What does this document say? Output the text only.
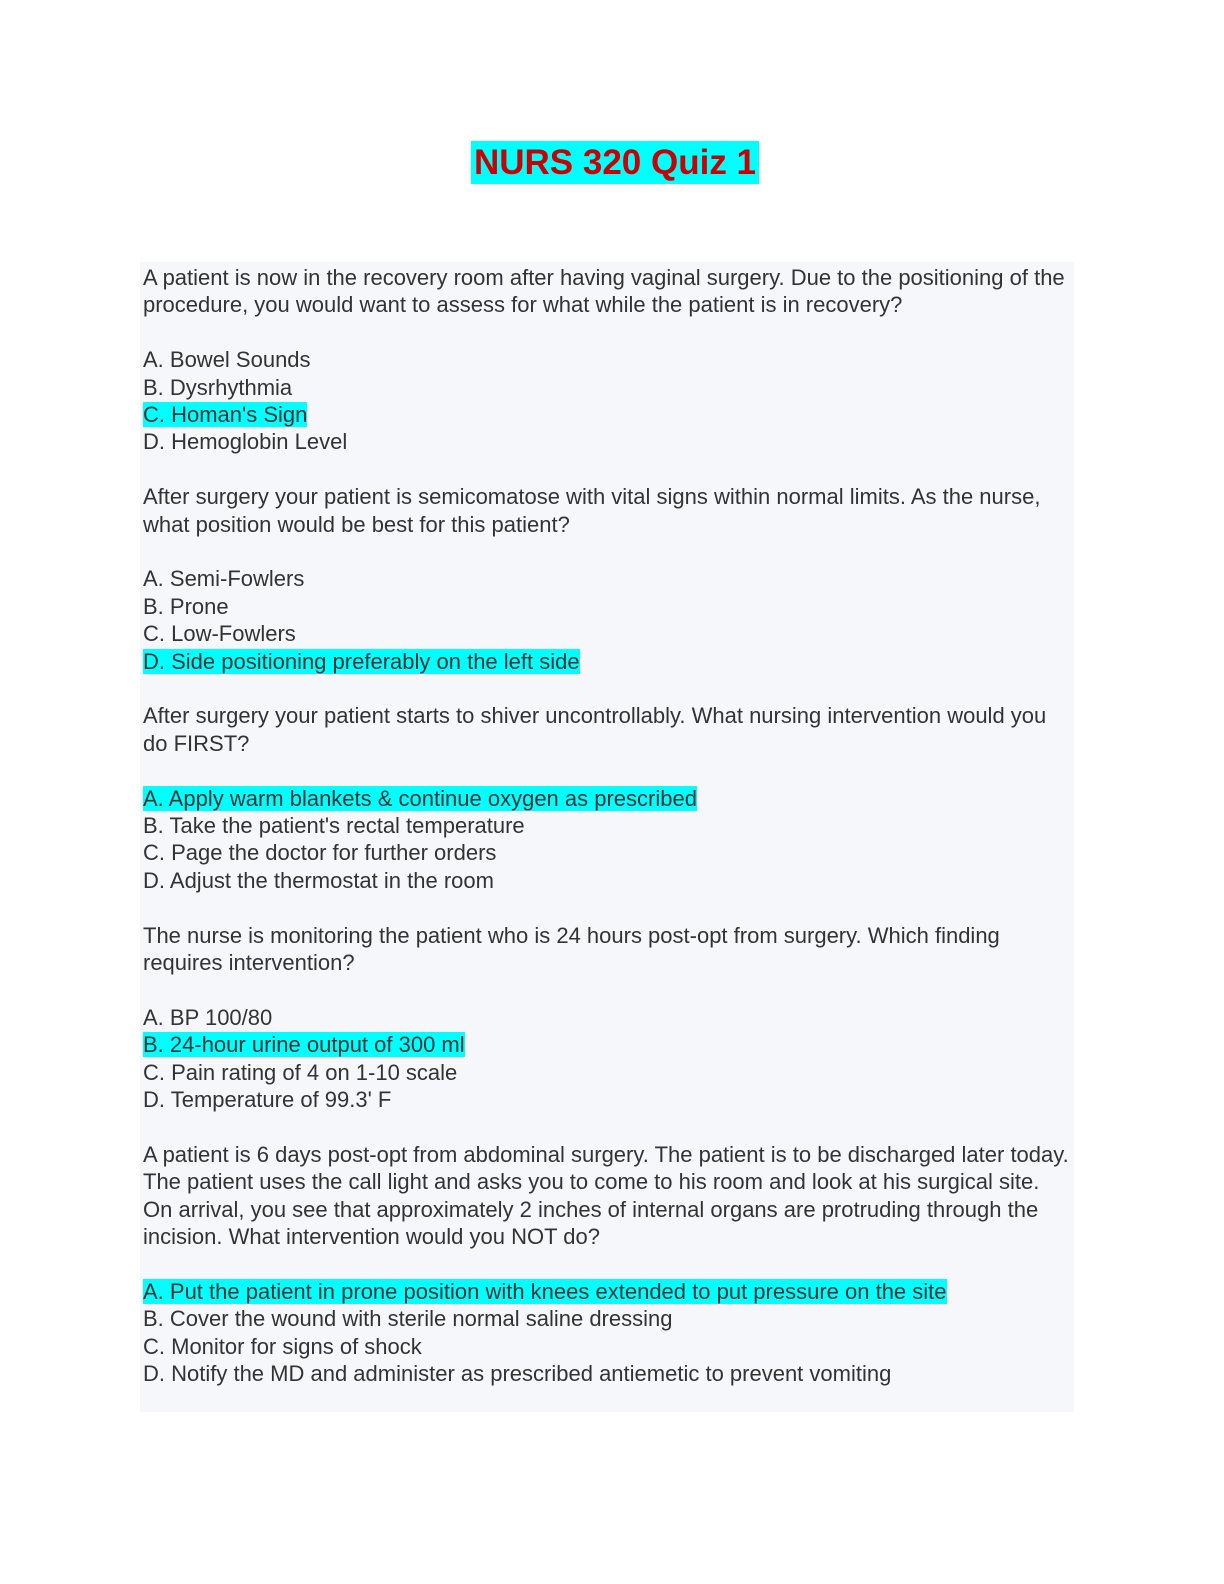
NURS 320 Quiz 1

A patient is now in the recovery room after having vaginal surgery. Due to the positioning of the procedure, you would want to assess for what while the patient is in recovery?

A. Bowel Sounds
B. Dysrhythmia
C. Homan's Sign
D. Hemoglobin Level

After surgery your patient is semicomatose with vital signs within normal limits. As the nurse, what position would be best for this patient?

A. Semi-Fowlers
B. Prone
C. Low-Fowlers
D. Side positioning preferably on the left side

After surgery your patient starts to shiver uncontrollably. What nursing intervention would you do FIRST?

A. Apply warm blankets & continue oxygen as prescribed
B. Take the patient's rectal temperature
C. Page the doctor for further orders
D. Adjust the thermostat in the room

The nurse is monitoring the patient who is 24 hours post-opt from surgery. Which finding requires intervention?

A. BP 100/80
B. 24-hour urine output of 300 ml
C. Pain rating of 4 on 1-10 scale
D. Temperature of 99.3' F

A patient is 6 days post-opt from abdominal surgery. The patient is to be discharged later today. The patient uses the call light and asks you to come to his room and look at his surgical site. On arrival, you see that approximately 2 inches of internal organs are protruding through the incision. What intervention would you NOT do?

A. Put the patient in prone position with knees extended to put pressure on the site
B. Cover the wound with sterile normal saline dressing
C. Monitor for signs of shock
D. Notify the MD and administer as prescribed antiemetic to prevent vomiting
